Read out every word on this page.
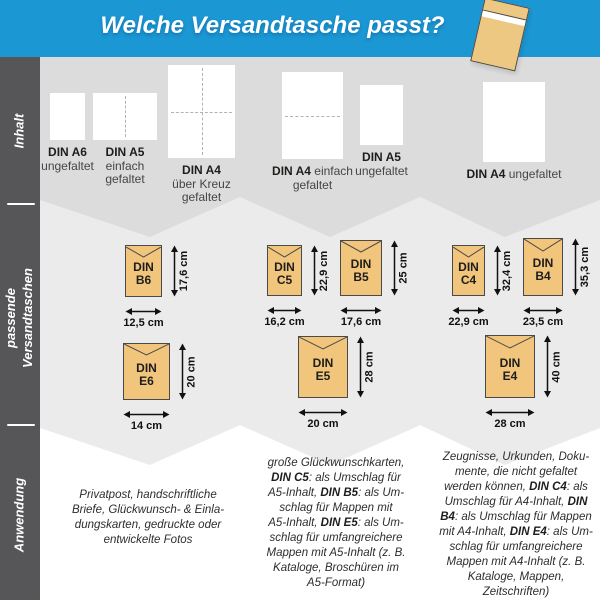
Inhalt
passende Versandtaschen
Anwendung
Welche Versandtasche passt?
DIN A6
ungefaltet
DIN A5
einfach
gefaltet
DIN A4
über Kreuz
gefaltet
DIN A4 einfach
gefaltet
DIN A5
ungefaltet	DIN A4 ungefaltet
DIN
B6 17,6 cm
12,5 cm
DIN
C5 22,9 cm
16,2 cm
DIN
B5	25 cm
17,6 cm
DIN
C4 32,4 cm
22,9 cm
DIN
B4	35,3 cm
23,5 cm
DIN
E6	20 cm
14 cm
DIN
E5	28 cm
20 cm
DIN
E4	40 cm
28 cm
Privatpost, handschriftliche
Briefe, Glückwunsch- & Einla-
dungskarten, gedruckte oder
entwickelte Fotos
große Glückwunschkarten,
DIN C5: als Umschlag für
A5-Inhalt, DIN B5: als Um-
schlag für Mappen mit
A5-Inhalt, DIN E5: als Um-
schlag für umfangreichere
Mappen mit A5-Inhalt (z. B.
Kataloge, Broschüren im
A5-Format)
Zeugnisse, Urkunden, Doku-
mente, die nicht gefaltet
werden können, DIN C4: als
Umschlag für A4-Inhalt, DIN
B4: als Umschlag für Mappen
mit A4-Inhalt, DIN E4: als Um-
schlag für umfangreichere
Mappen mit A4-Inhalt (z. B.
Kataloge, Mappen,
Zeitschriften)
